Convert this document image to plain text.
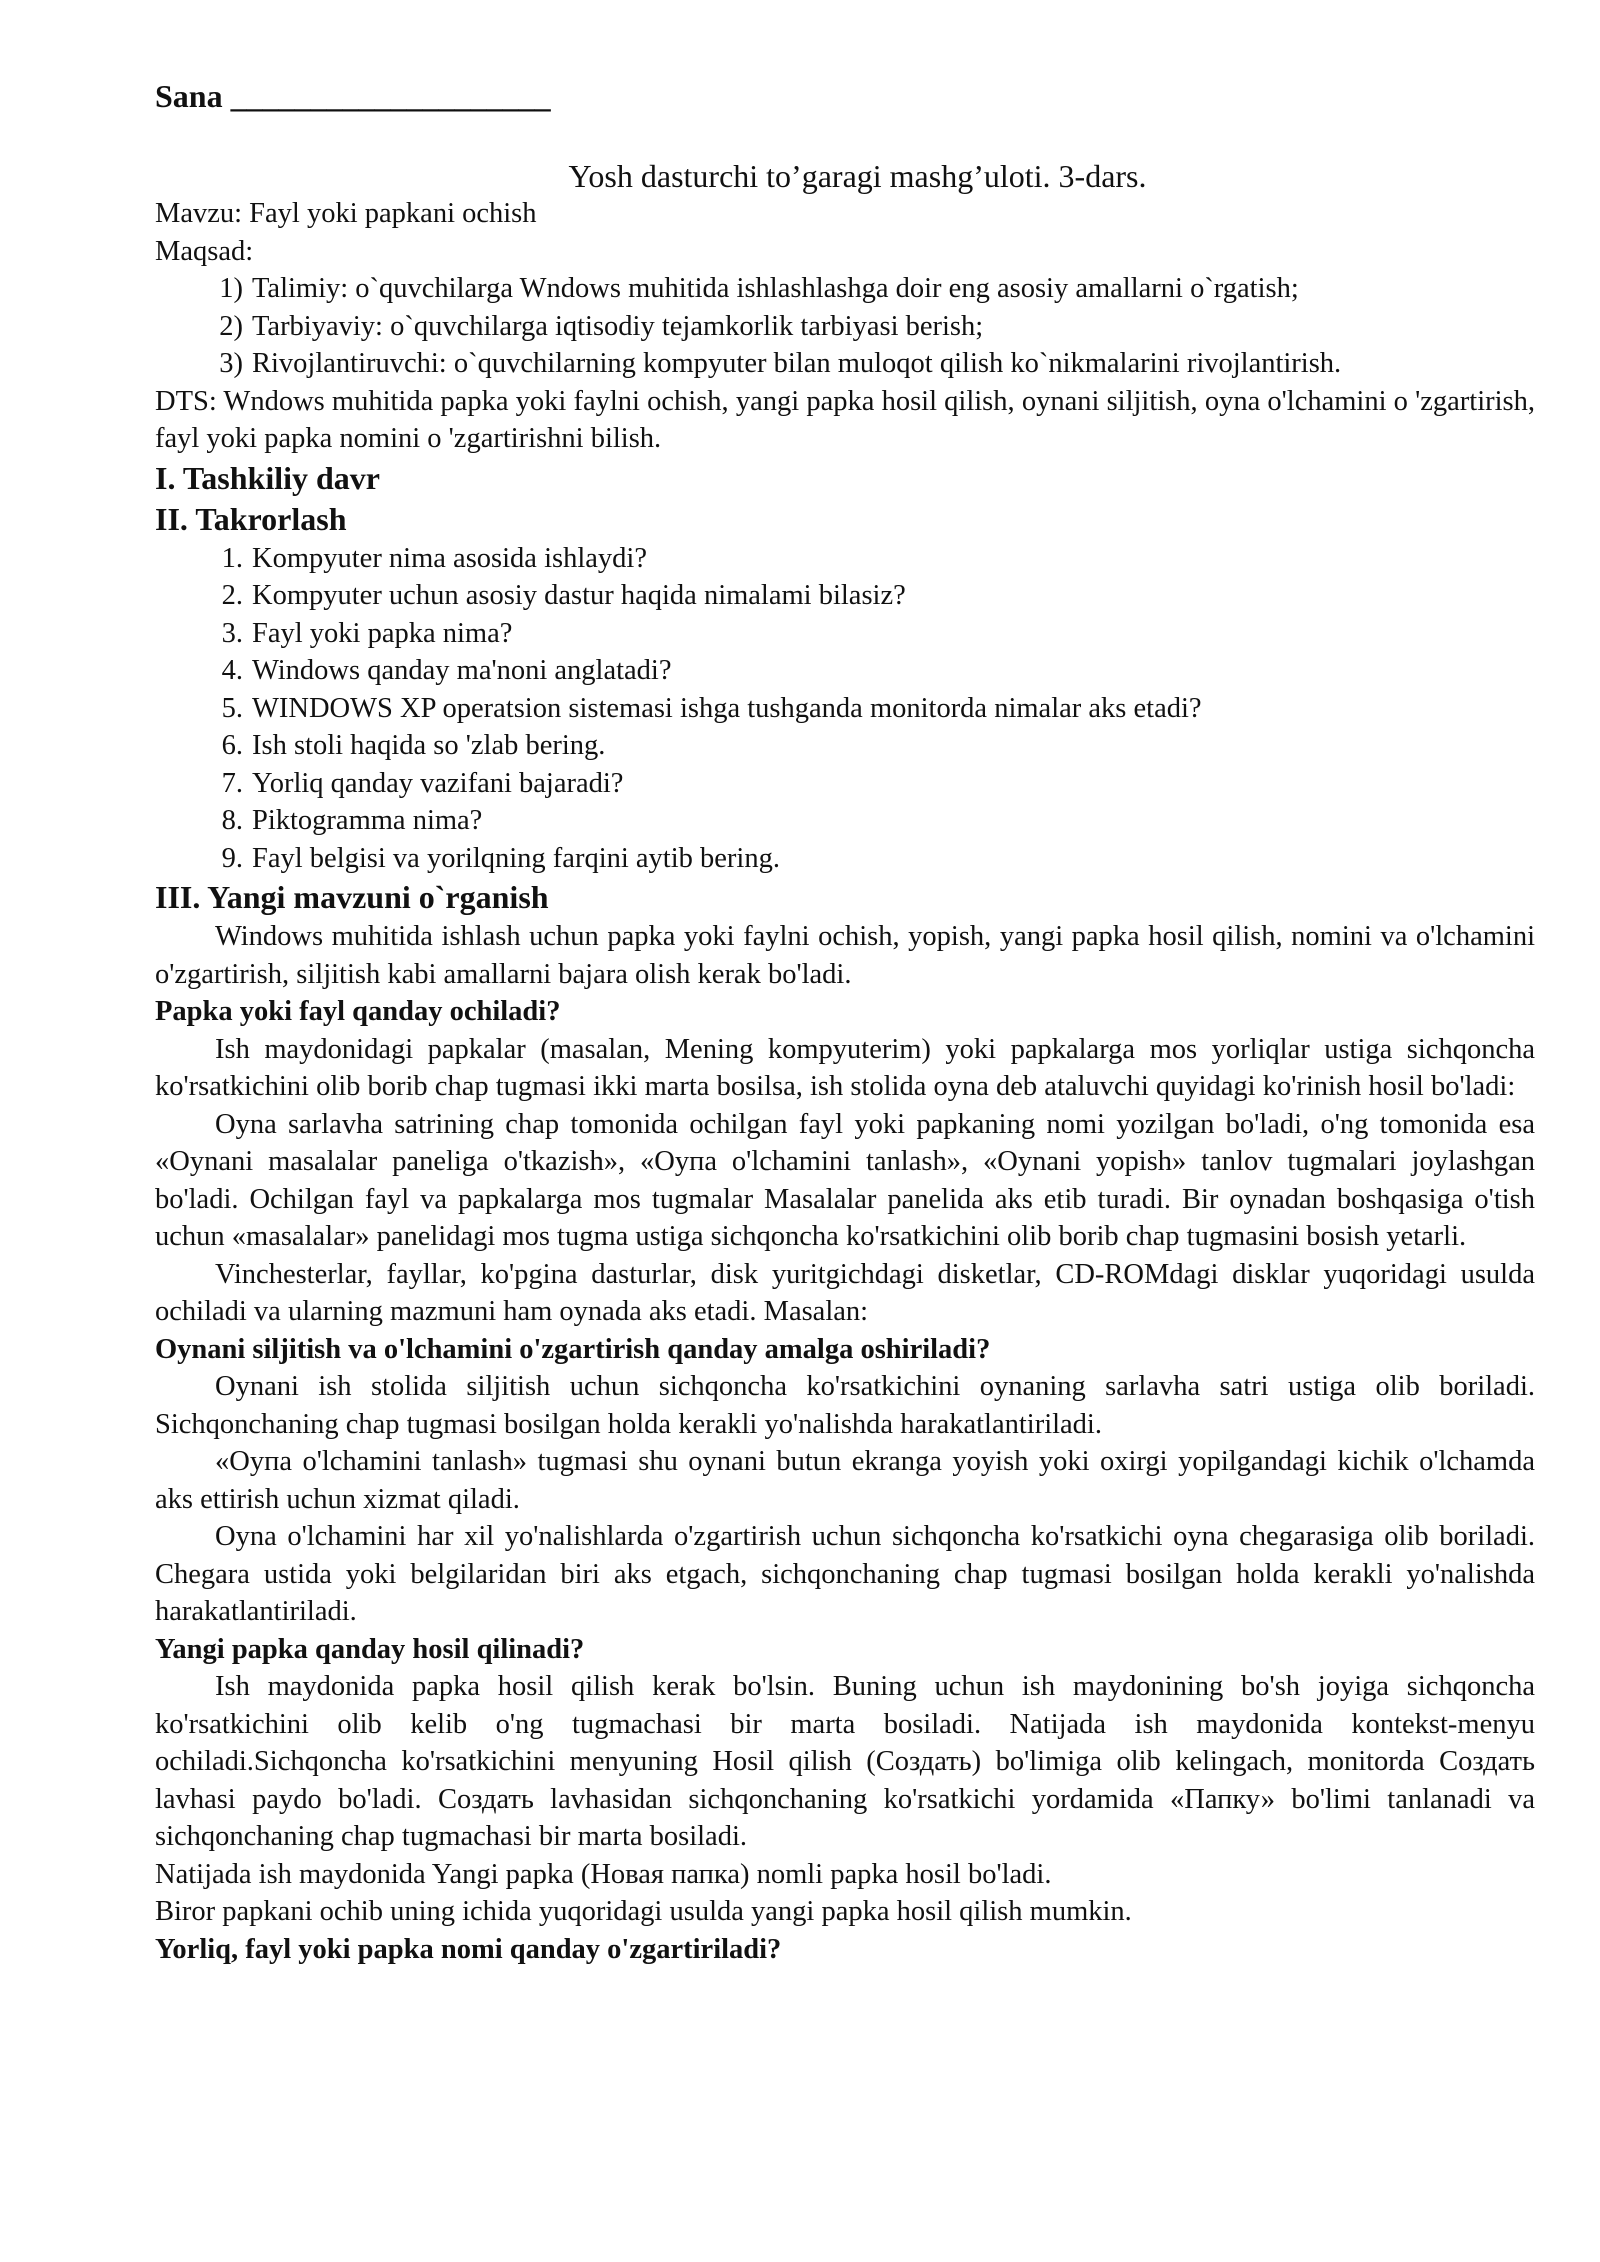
Sana ____________________

Yosh dasturchi to’garagi mashg’uloti. 3-dars.

Mavzu: Fayl yoki papkani ochish

Maqsad:

1) Talimiy: o`quvchilarga Wndows muhitida ishlashlashga doir eng asosiy amallarni o`rgatish;
2) Tarbiyaviy: o`quvchilarga iqtisodiy tejamkorlik tarbiyasi berish;
3) Rivojlantiruvchi: o`quvchilarning kompyuter bilan muloqot qilish ko`nikmalarini rivojlantirish.

DTS: Wndows muhitida papka yoki faylni ochish, yangi papka hosil qilish, oynani siljitish, oyna o'lchamini o 'zgartirish, fayl yoki papka nomini o 'zgartirishni bilish.

I. Tashkiliy davr

II. Takrorlash

1. Kompyuter nima asosida ishlaydi?
2. Kompyuter uchun asosiy dastur haqida nimalami bilasiz?
3. Fayl yoki papka nima?
4. Windows qanday ma'noni anglatadi?
5. WINDOWS XP operatsion sistemasi ishga tushganda monitorda nimalar aks etadi?
6. Ish stoli haqida so 'zlab bering.
7. Yorliq qanday vazifani bajaradi?
8. Piktogramma nima?
9. Fayl belgisi va yorilqning farqini aytib bering.

III. Yangi mavzuni o`rganish

Windows muhitida ishlash uchun papka yoki faylni ochish, yopish, yangi papka hosil qilish, nomini va o'lchamini o'zgartirish, siljitish kabi amallarni bajara olish kerak bo'ladi.

Papka yoki fayl qanday ochiladi?

Ish maydonidagi papkalar (masalan, Mening kompyuterim) yoki papkalarga mos yorliqlar ustiga sichqoncha ko'rsatkichini olib borib chap tugmasi ikki marta bosilsa, ish stolida oyna deb ataluvchi quyidagi ko'rinish hosil bo'ladi:

Oyna sarlavha satrining chap tomonida ochilgan fayl yoki papkaning nomi yozilgan bo'ladi, o'ng tomonida esa «Oynani masalalar paneliga o'tkazish», «Oyпa o'lchamini tanlash», «Oynani yopish» tanlov tugmalari joylashgan bo'ladi. Ochilgan fayl va papkalarga mos tugmalar Masalalar panelida aks etib turadi. Bir oynadan boshqasiga o'tish uchun «masalalar» panelidagi mos tugma ustiga sichqoncha ko'rsatkichini olib borib chap tugmasini bosish yetarli.

Vinchesterlar, fayllar, ko'pgina dasturlar, disk yuritgichdagi disketlar, CD-ROMdagi disklar yuqoridagi usulda ochiladi va ularning mazmuni ham oynada aks etadi. Masalan:

Oynani siljitish va o'lchamini o'zgartirish qanday amalga oshiriladi?

Oynani ish stolida siljitish uchun sichqoncha ko'rsatkichini oynaning sarlavha satri ustiga olib boriladi. Sichqonchaning chap tugmasi bosilgan holda kerakli yo'nalishda harakatlantiriladi.

«Oyпa o'lchamini tanlash» tugmasi shu oynani butun ekranga yoyish yoki oxirgi yopilgandagi kichik o'lchamda aks ettirish uchun xizmat qiladi.

Oyna o'lchamini har xil yo'nalishlarda o'zgartirish uchun sichqoncha ko'rsatkichi oyna chegarasiga olib boriladi. Chegara ustida yoki belgilaridan biri aks etgach, sichqonchaning chap tugmasi bosilgan holda kerakli yo'nalishda harakatlantiriladi.

Yangi papka qanday hosil qilinadi?

Ish maydonida papka hosil qilish kerak bo'lsin. Buning uchun ish maydonining bo'sh joyiga sichqoncha ko'rsatkichini olib kelib o'ng tugmachasi bir marta bosiladi. Natijada ish maydonida kontekst-menyu ochiladi.Sichqoncha ko'rsatkichini menyuning Hosil qilish (Создать) bo'limiga olib kelingach, monitorda Создать lavhasi paydo bo'ladi. Создать lavhasidan sichqonchaning ko'rsatkichi yordamida «Папку» bo'limi tanlanadi va sichqonchaning chap tugmachasi bir marta bosiladi.

Natijada ish maydonida Yangi papka (Новая папка) nomli papka hosil bo'ladi.

Biror papkani ochib uning ichida yuqoridagi usulda yangi papka hosil qilish mumkin.

Yorliq, fayl yoki papka nomi qanday o'zgartiriladi?
